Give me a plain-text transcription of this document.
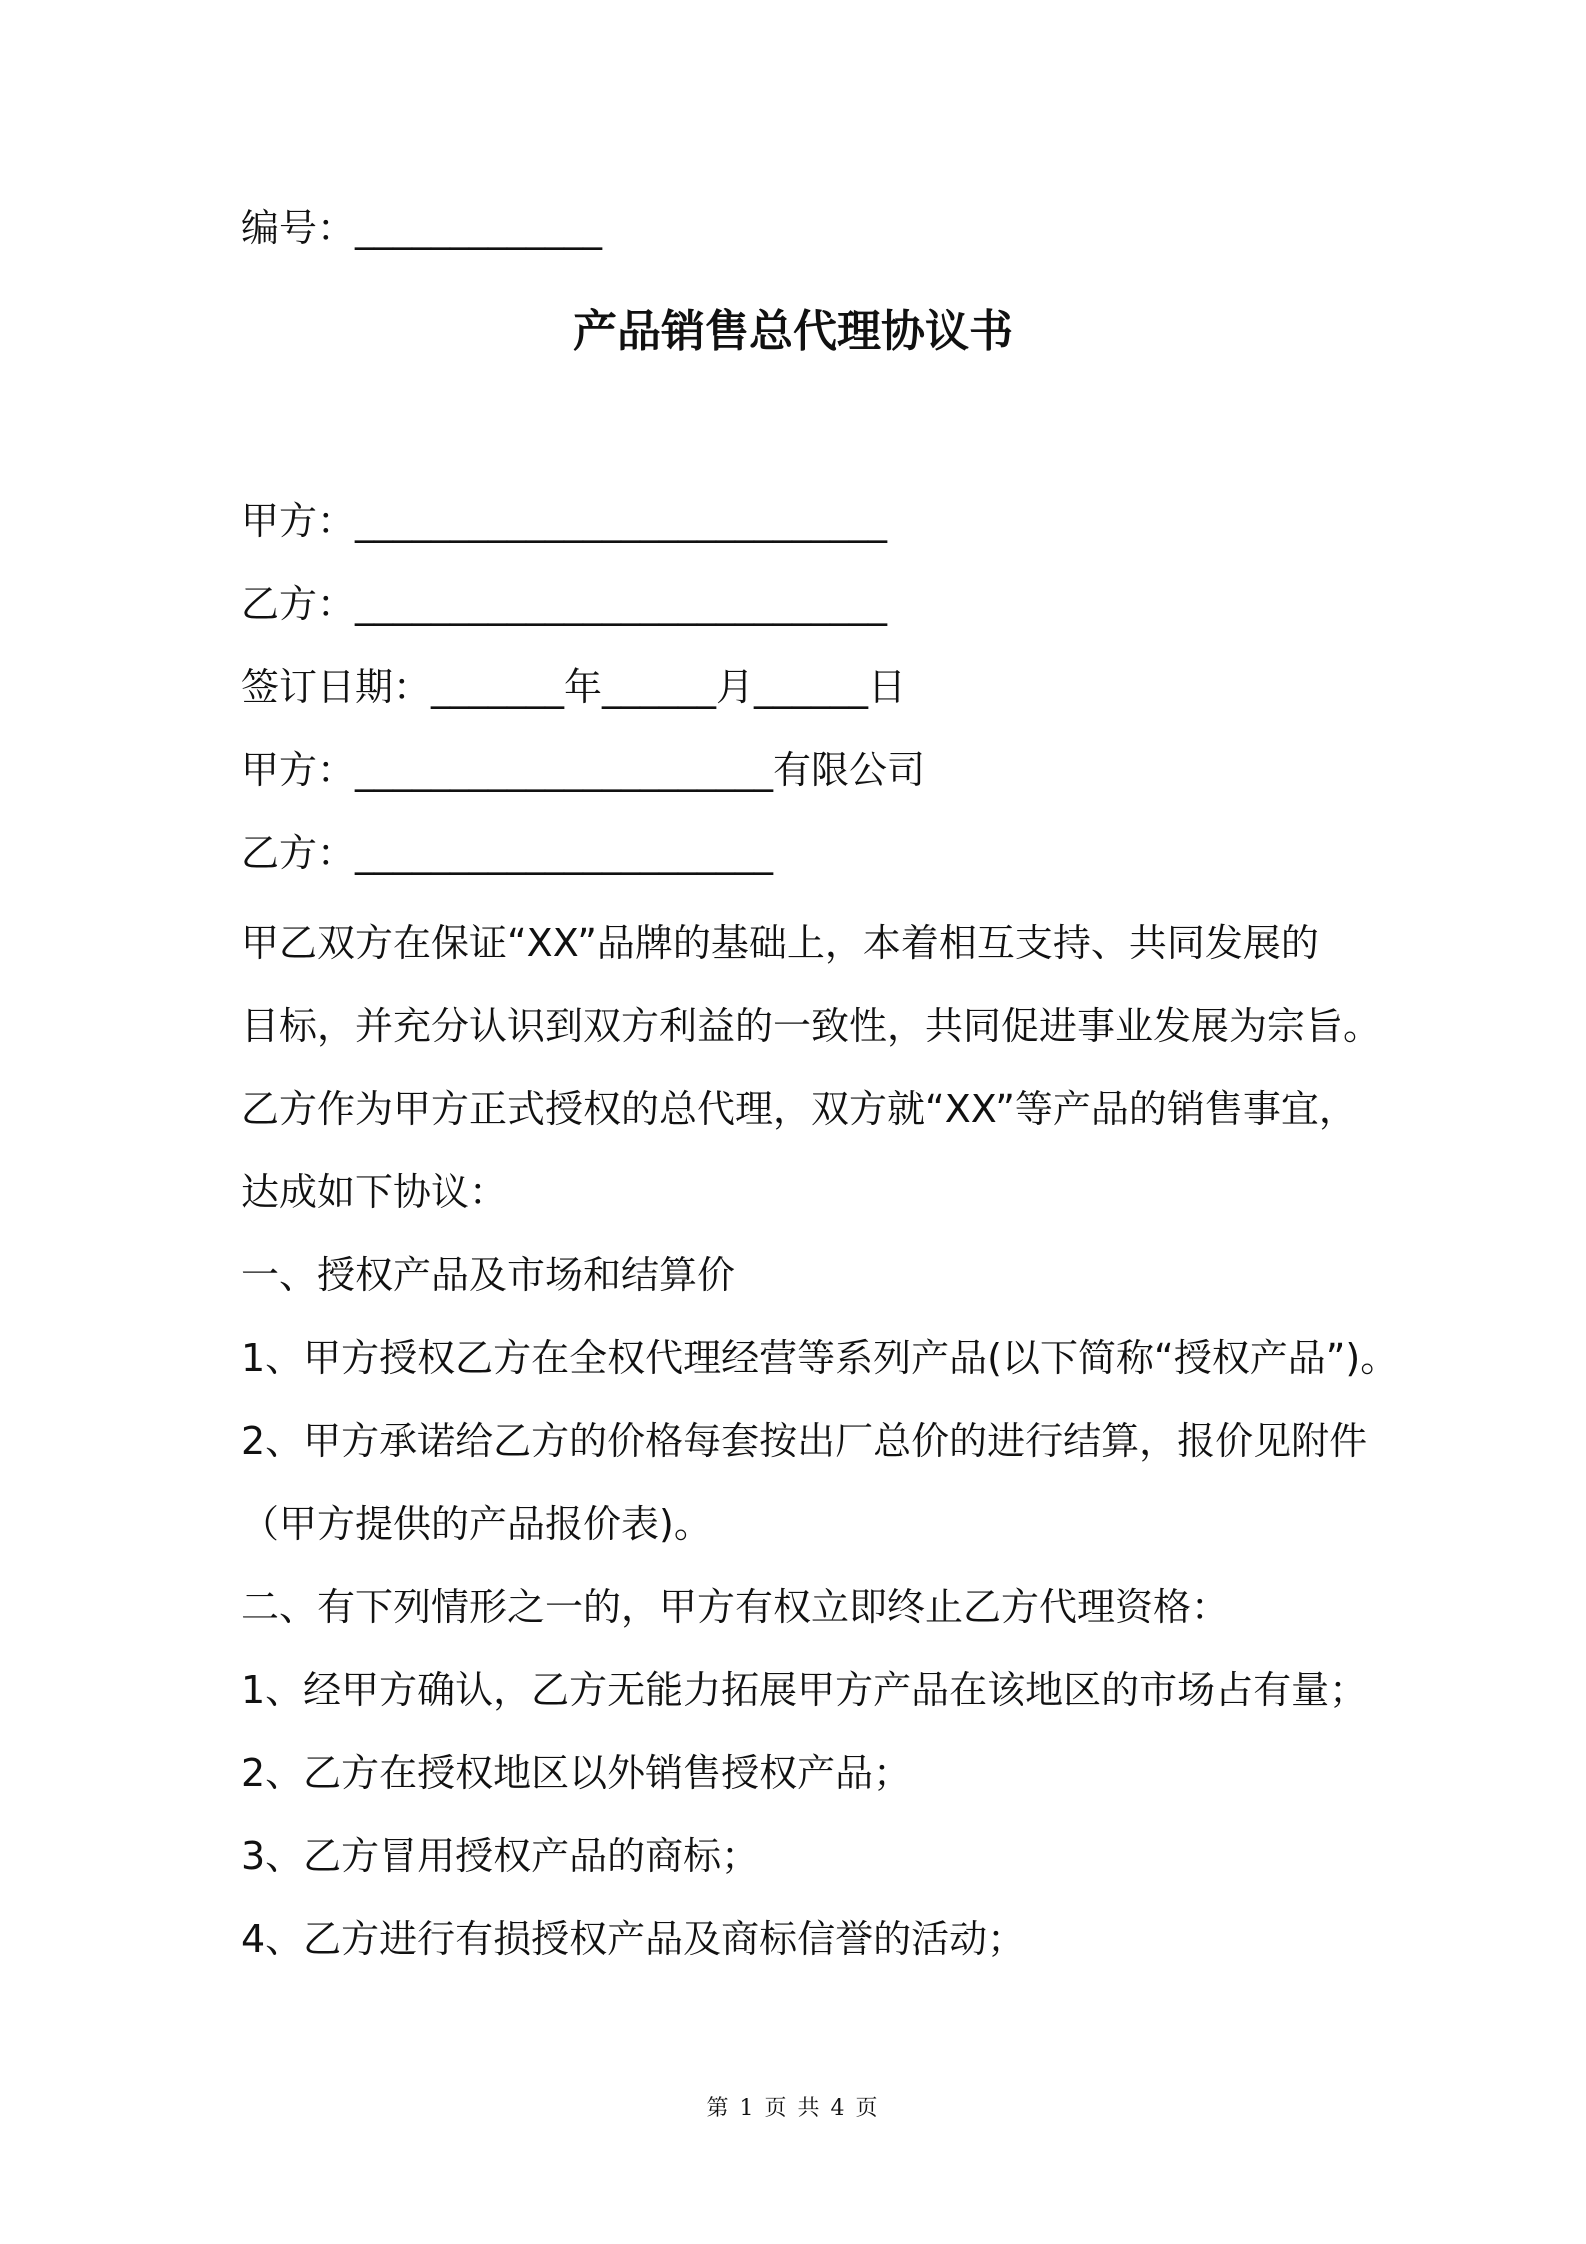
编号：_____________
产品销售总代理协议书
甲方：____________________________
乙方：____________________________
签订日期：_______年______月______日
甲方：______________________有限公司
乙方：______________________
甲乙双方在保证“XX”品牌的基础上，本着相互支持、共同发展的
目标，并充分认识到双方利益的一致性，共同促进事业发展为宗旨。
乙方作为甲方正式授权的总代理，双方就“XX”等产品的销售事宜，
达成如下协议：
一、授权产品及市场和结算价
1、甲方授权乙方在全权代理经营等系列产品(以下简称“授权产品”)。
2、甲方承诺给乙方的价格每套按出厂总价的进行结算，报价见附件
（甲方提供的产品报价表)。
二、有下列情形之一的，甲方有权立即终止乙方代理资格：
1、经甲方确认，乙方无能力拓展甲方产品在该地区的市场占有量；
2、乙方在授权地区以外销售授权产品；
3、乙方冒用授权产品的商标；
4、乙方进行有损授权产品及商标信誉的活动；
第 1 页 共 4 页
